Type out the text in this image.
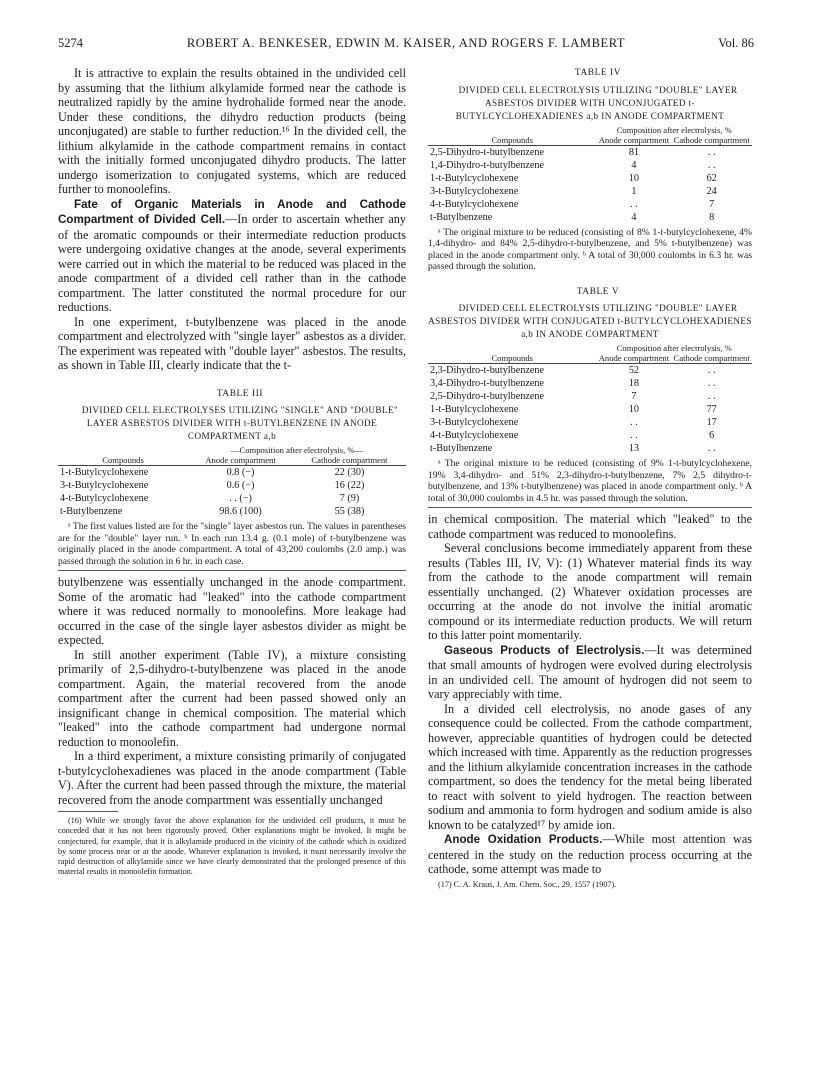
5274	ROBERT A. BENKESER, EDWIN M. KAISER, AND ROGERS F. LAMBERT	Vol. 86

It is attractive to explain the results obtained in the undivided cell by assuming that the lithium alkylamide formed near the cathode is neutralized rapidly by the amine hydrohalide formed near the anode. Under these conditions, the dihydro reduction products (being unconjugated) are stable to further reduction.¹⁶ In the divided cell, the lithium alkylamide in the cathode compartment remains in contact with the initially formed unconjugated dihydro products. The latter undergo isomerization to conjugated systems, which are reduced further to monoolefins.

Fate of Organic Materials in Anode and Cathode Compartment of Divided Cell.—In order to ascertain whether any of the aromatic compounds or their intermediate reduction products were undergoing oxidative changes at the anode, several experiments were carried out in which the material to be reduced was placed in the anode compartment of a divided cell rather than in the cathode compartment. The latter constituted the normal procedure for our reductions.

In one experiment, t-butylbenzene was placed in the anode compartment and electrolyzed with "single layer" asbestos as a divider. The experiment was repeated with "double layer" asbestos. The results, as shown in Table III, clearly indicate that the t-

TABLE III

DIVIDED CELL ELECTROLYSES UTILIZING "SINGLE" AND "DOUBLE" LAYER ASBESTOS DIVIDER WITH t-BUTYLBENZENE IN ANODE COMPARTMENT a,b

	—Composition after electrolysis, %—	
Compounds	Anode compartment	Cathode compartment
1-t-Butylcyclohexene	0.8 (−)	22 (30)
3-t-Butylcyclohexene	0.6 (−)	16 (22)
4-t-Butylcyclohexene	. . (−)	7 (9)
t-Butylbenzene	98.6 (100)	55 (38)

ᵃ The first values listed are for the "single" layer asbestos run. The values in parentheses are for the "double" layer run. ᵇ In each run 13.4 g. (0.1 mole) of t-butylbenzene was originally placed in the anode compartment. A total of 43,200 coulombs (2.0 amp.) was passed through the solution in 6 hr. in each case.

butylbenzene was essentially unchanged in the anode compartment. Some of the aromatic had "leaked" into the cathode compartment where it was reduced normally to monoolefins. More leakage had occurred in the case of the single layer asbestos divider as might be expected.

In still another experiment (Table IV), a mixture consisting primarily of 2,5-dihydro-t-butylbenzene was placed in the anode compartment. Again, the material recovered from the anode compartment after the current had been passed showed only an insignificant change in chemical composition. The material which "leaked" into the cathode compartment had undergone normal reduction to monoolefin.

In a third experiment, a mixture consisting primarily of conjugated t-butylcyclohexadienes was placed in the anode compartment (Table V). After the current had been passed through the mixture, the material recovered from the anode compartment was essentially unchanged

(16) While we strongly favor the above explanation for the undivided cell products, it must be conceded that it has not been rigorously proved. Other explanations might be invoked. It might be conjectured, for example, that it is alkylamide produced in the vicinity of the cathode which is oxidized by some process near or at the anode. Whatever explanation is invoked, it must necessarily involve the rapid destruction of alkylamide since we have clearly demonstrated that the prolonged presence of this material results in monoolefin formation.

TABLE IV

DIVIDED CELL ELECTROLYSIS UTILIZING "DOUBLE" LAYER ASBESTOS DIVIDER WITH UNCONJUGATED t-BUTYLCYCLOHEXADIENES a,b IN ANODE COMPARTMENT

	Composition after electrolysis, %	
Compounds	Anode compartment	Cathode compartment
2,5-Dihydro-t-butylbenzene	81	. .
1,4-Dihydro-t-butylbenzene	4	. .
1-t-Butylcyclohexene	10	62
3-t-Butylcyclohexene	1	24
4-t-Butylcyclohexene	. .	7
t-Butylbenzene	4	8

ᵃ The original mixture to be reduced (consisting of 8% 1-t-butylcyclohexene, 4% 1,4-dihydro- and 84% 2,5-dihydro-t-butylbenzene, and 5% t-butylbenzene) was placed in the anode compartment only. ᵇ A total of 30,000 coulombs in 6.3 hr. was passed through the solution.

TABLE V

DIVIDED CELL ELECTROLYSIS UTILIZING "DOUBLE" LAYER ASBESTOS DIVIDER WITH CONJUGATED t-BUTYLCYCLOHEXADIENES a,b IN ANODE COMPARTMENT

	Composition after electrolysis, %	
Compounds	Anode compartment	Cathode compartment
2,3-Dihydro-t-butylbenzene	52	. .
3,4-Dihydro-t-butylbenzene	18	. .
2,5-Dihydro-t-butylbenzene	7	. .
1-t-Butylcyclohexene	10	77
3-t-Butylcyclohexene	. .	17
4-t-Butylcyclohexene	. .	6
t-Butylbenzene	13	. .

ᵃ The original mixture to be reduced (consisting of 9% 1-t-butylcyclohexene, 19% 3,4-dihydro- and 51% 2,3-dihydro-t-butylbenzene, 7% 2,5 dihydro-t-butylbenzene, and 13% t-butylbenzene) was placed in anode compartment only. ᵇ A total of 30,000 coulombs in 4.5 hr. was passed through the solution.

in chemical composition. The material which "leaked" to the cathode compartment was reduced to monoolefins.

Several conclusions become immediately apparent from these results (Tables III, IV, V): (1) Whatever material finds its way from the cathode to the anode compartment will remain essentially unchanged. (2) Whatever oxidation processes are occurring at the anode do not involve the initial aromatic compound or its intermediate reduction products. We will return to this latter point momentarily.

Gaseous Products of Electrolysis.—It was determined that small amounts of hydrogen were evolved during electrolysis in an undivided cell. The amount of hydrogen did not seem to vary appreciably with time.

In a divided cell electrolysis, no anode gases of any consequence could be collected. From the cathode compartment, however, appreciable quantities of hydrogen could be detected which increased with time. Apparently as the reduction progresses and the lithium alkylamide concentration increases in the cathode compartment, so does the tendency for the metal being liberated to react with solvent to yield hydrogen. The reaction between sodium and ammonia to form hydrogen and sodium amide is also known to be catalyzed¹⁷ by amide ion.

Anode Oxidation Products.—While most attention was centered in the study on the reduction process occurring at the cathode, some attempt was made to

(17) C. A. Kraus, J. Am. Chem. Soc., 29, 1557 (1907).
